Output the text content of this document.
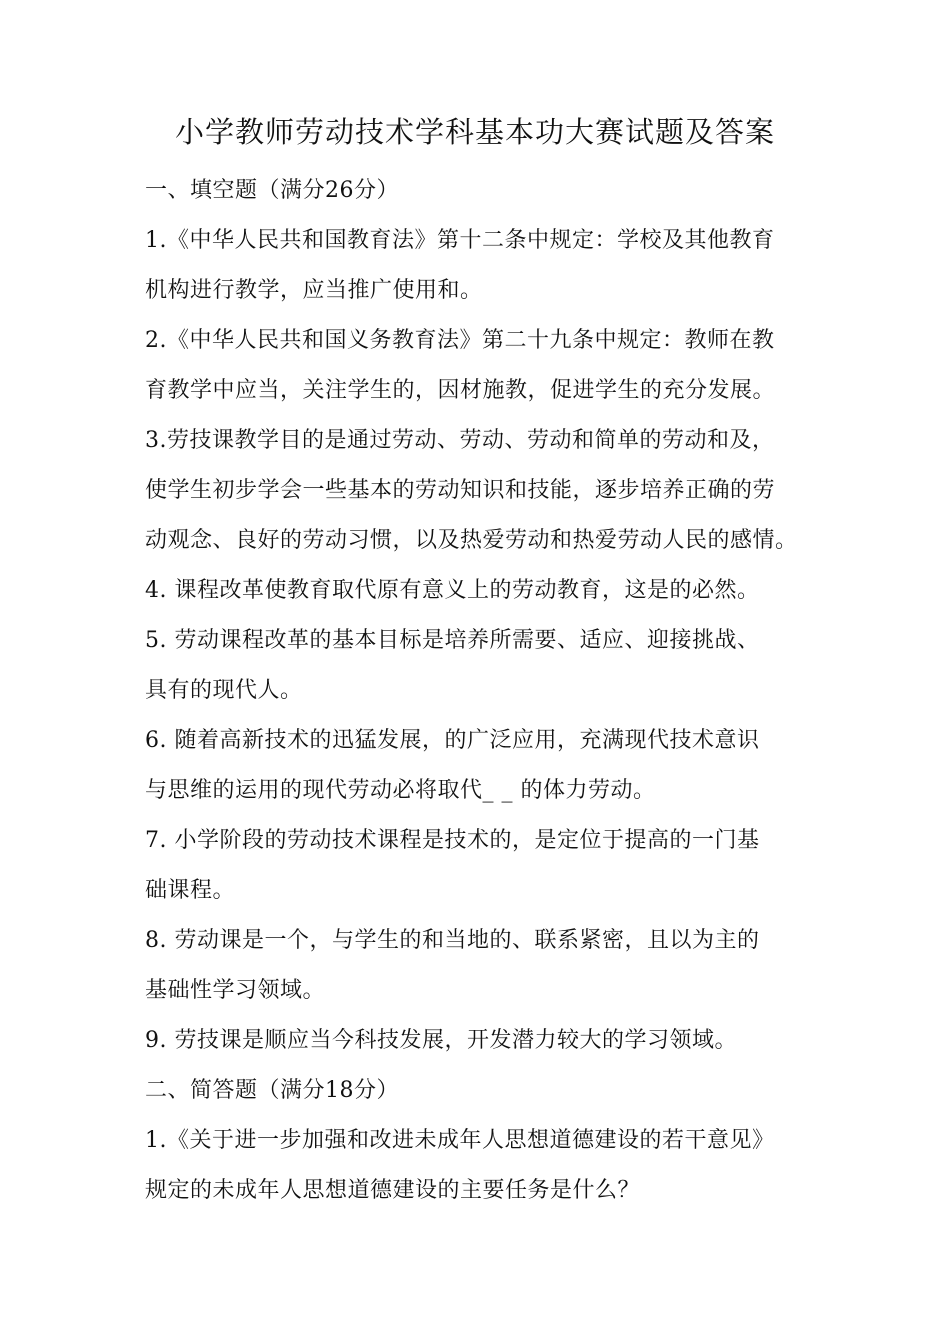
小学教师劳动技术学科基本功大赛试题及答案
一、填空题（满分26分）
1.《中华人民共和国教育法》第十二条中规定：学校及其他教育
机构进行教学，应当推广使用和。
2.《中华人民共和国义务教育法》第二十九条中规定：教师在教
育教学中应当，关注学生的，因材施教，促进学生的充分发展。
3.劳技课教学目的是通过劳动、劳动、劳动和简单的劳动和及，
使学生初步学会一些基本的劳动知识和技能，逐步培养正确的劳
动观念、良好的劳动习惯，以及热爱劳动和热爱劳动人民的感情。
4. 课程改革使教育取代原有意义上的劳动教育，这是的必然。
5. 劳动课程改革的基本目标是培养所需要、适应、迎接挑战、
具有的现代人。
6. 随着高新技术的迅猛发展，的广泛应用，充满现代技术意识
与思维的运用的现代劳动必将取代_ _ 的体力劳动。
7. 小学阶段的劳动技术课程是技术的，是定位于提高的一门基
础课程。
8. 劳动课是一个，与学生的和当地的、联系紧密，且以为主的
基础性学习领域。
9. 劳技课是顺应当今科技发展，开发潜力较大的学习领域。
二、简答题（满分18分）
1.《关于进一步加强和改进未成年人思想道德建设的若干意见》
规定的未成年人思想道德建设的主要任务是什么？
